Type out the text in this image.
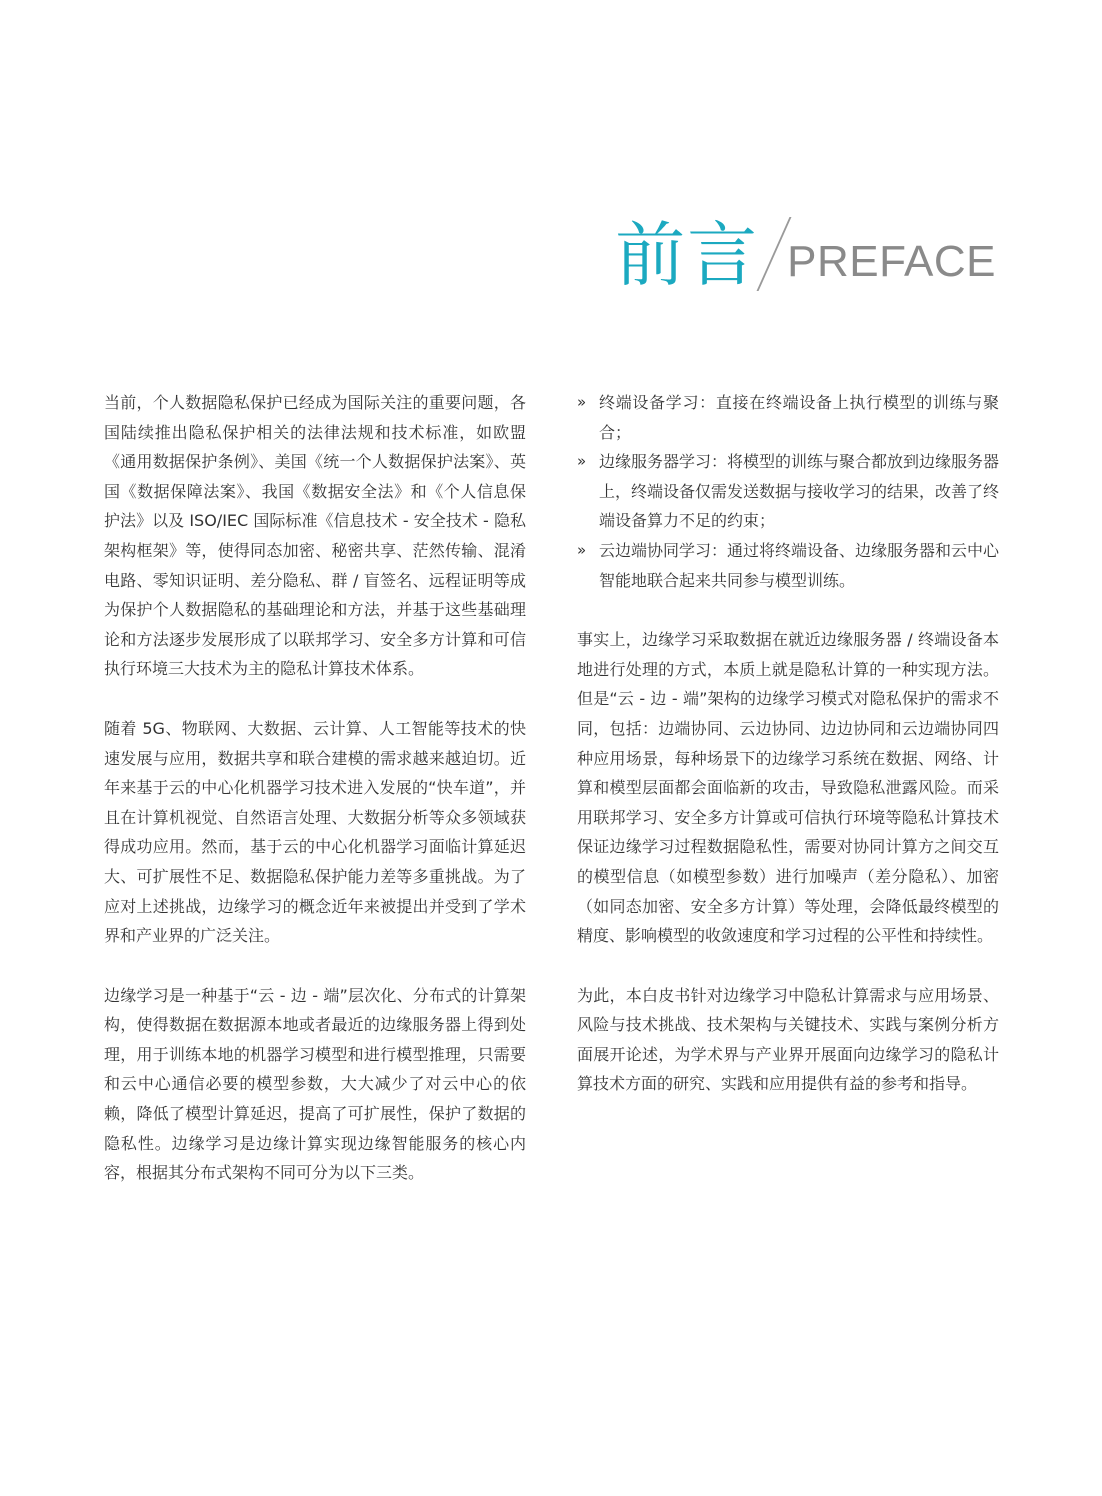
前言 PREFACE

当前，个人数据隐私保护已经成为国际关注的重要问题，各国陆续推出隐私保护相关的法律法规和技术标准，如欧盟《通用数据保护条例》、美国《统一个人数据保护法案》、英国《数据保障法案》、我国《数据安全法》和《个人信息保护法》以及 ISO/IEC 国际标准《信息技术 - 安全技术 - 隐私架构框架》等，使得同态加密、秘密共享、茫然传输、混淆电路、零知识证明、差分隐私、群 / 盲签名、远程证明等成为保护个人数据隐私的基础理论和方法，并基于这些基础理论和方法逐步发展形成了以联邦学习、安全多方计算和可信执行环境三大技术为主的隐私计算技术体系。

随着 5G、物联网、大数据、云计算、人工智能等技术的快速发展与应用，数据共享和联合建模的需求越来越迫切。近年来基于云的中心化机器学习技术进入发展的“快车道”，并且在计算机视觉、自然语言处理、大数据分析等众多领域获得成功应用。然而，基于云的中心化机器学习面临计算延迟大、可扩展性不足、数据隐私保护能力差等多重挑战。为了应对上述挑战，边缘学习的概念近年来被提出并受到了学术界和产业界的广泛关注。

边缘学习是一种基于“云 - 边 - 端”层次化、分布式的计算架构，使得数据在数据源本地或者最近的边缘服务器上得到处理，用于训练本地的机器学习模型和进行模型推理，只需要和云中心通信必要的模型参数，大大减少了对云中心的依赖，降低了模型计算延迟，提高了可扩展性，保护了数据的隐私性。边缘学习是边缘计算实现边缘智能服务的核心内容，根据其分布式架构不同可分为以下三类。

» 终端设备学习：直接在终端设备上执行模型的训练与聚合；
» 边缘服务器学习：将模型的训练与聚合都放到边缘服务器上，终端设备仅需发送数据与接收学习的结果，改善了终端设备算力不足的约束；
» 云边端协同学习：通过将终端设备、边缘服务器和云中心智能地联合起来共同参与模型训练。

事实上，边缘学习采取数据在就近边缘服务器 / 终端设备本地进行处理的方式，本质上就是隐私计算的一种实现方法。但是“云 - 边 - 端”架构的边缘学习模式对隐私保护的需求不同，包括：边端协同、云边协同、边边协同和云边端协同四种应用场景，每种场景下的边缘学习系统在数据、网络、计算和模型层面都会面临新的攻击，导致隐私泄露风险。而采用联邦学习、安全多方计算或可信执行环境等隐私计算技术保证边缘学习过程数据隐私性，需要对协同计算方之间交互的模型信息（如模型参数）进行加噪声（差分隐私）、加密（如同态加密、安全多方计算）等处理，会降低最终模型的精度、影响模型的收敛速度和学习过程的公平性和持续性。

为此，本白皮书针对边缘学习中隐私计算需求与应用场景、风险与技术挑战、技术架构与关键技术、实践与案例分析方面展开论述，为学术界与产业界开展面向边缘学习的隐私计算技术方面的研究、实践和应用提供有益的参考和指导。
